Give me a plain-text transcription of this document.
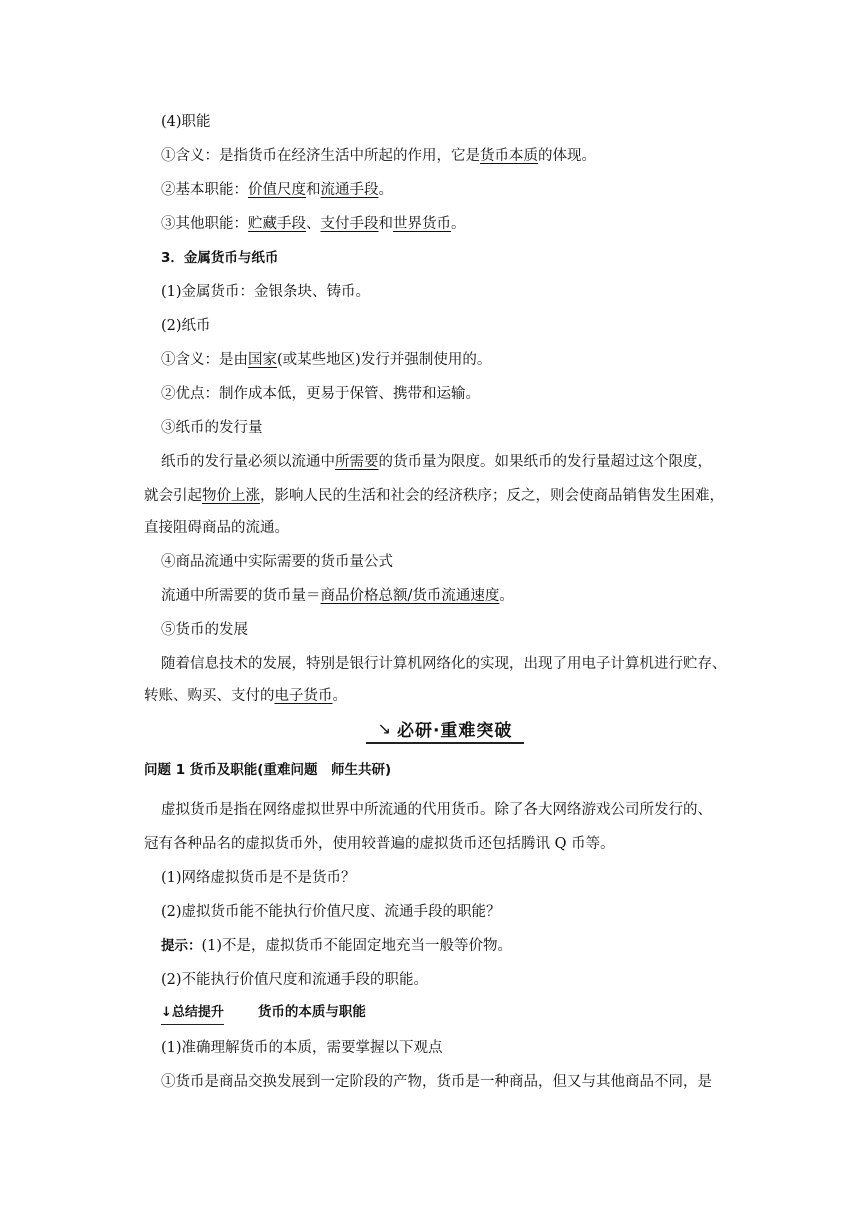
(4)职能
①含义：是指货币在经济生活中所起的作用，它是货币本质的体现。
②基本职能：价值尺度和流通手段。
③其他职能：贮藏手段、支付手段和世界货币。
3．金属货币与纸币
(1)金属货币：金银条块、铸币。
(2)纸币
①含义：是由国家(或某些地区)发行并强制使用的。
②优点：制作成本低，更易于保管、携带和运输。
③纸币的发行量
纸币的发行量必须以流通中所需要的货币量为限度。如果纸币的发行量超过这个限度，
就会引起物价上涨，影响人民的生活和社会的经济秩序；反之，则会使商品销售发生困难，
直接阻碍商品的流通。
④商品流通中实际需要的货币量公式
流通中所需要的货币量＝商品价格总额/货币流通速度。
⑤货币的发展
随着信息技术的发展，特别是银行计算机网络化的实现，出现了用电子计算机进行贮存、
转账、购买、支付的电子货币。
↘ 必研·重难突破
问题 1 货币及职能(重难问题　师生共研)
虚拟货币是指在网络虚拟世界中所流通的代用货币。除了各大网络游戏公司所发行的、
冠有各种品名的虚拟货币外，使用较普遍的虚拟货币还包括腾讯 Q 币等。
(1)网络虚拟货币是不是货币？
(2)虚拟货币能不能执行价值尺度、流通手段的职能？
提示：(1)不是，虚拟货币不能固定地充当一般等价物。
(2)不能执行价值尺度和流通手段的职能。
↓总结提升	货币的本质与职能
(1)准确理解货币的本质，需要掌握以下观点
①货币是商品交换发展到一定阶段的产物，货币是一种商品，但又与其他商品不同，是
